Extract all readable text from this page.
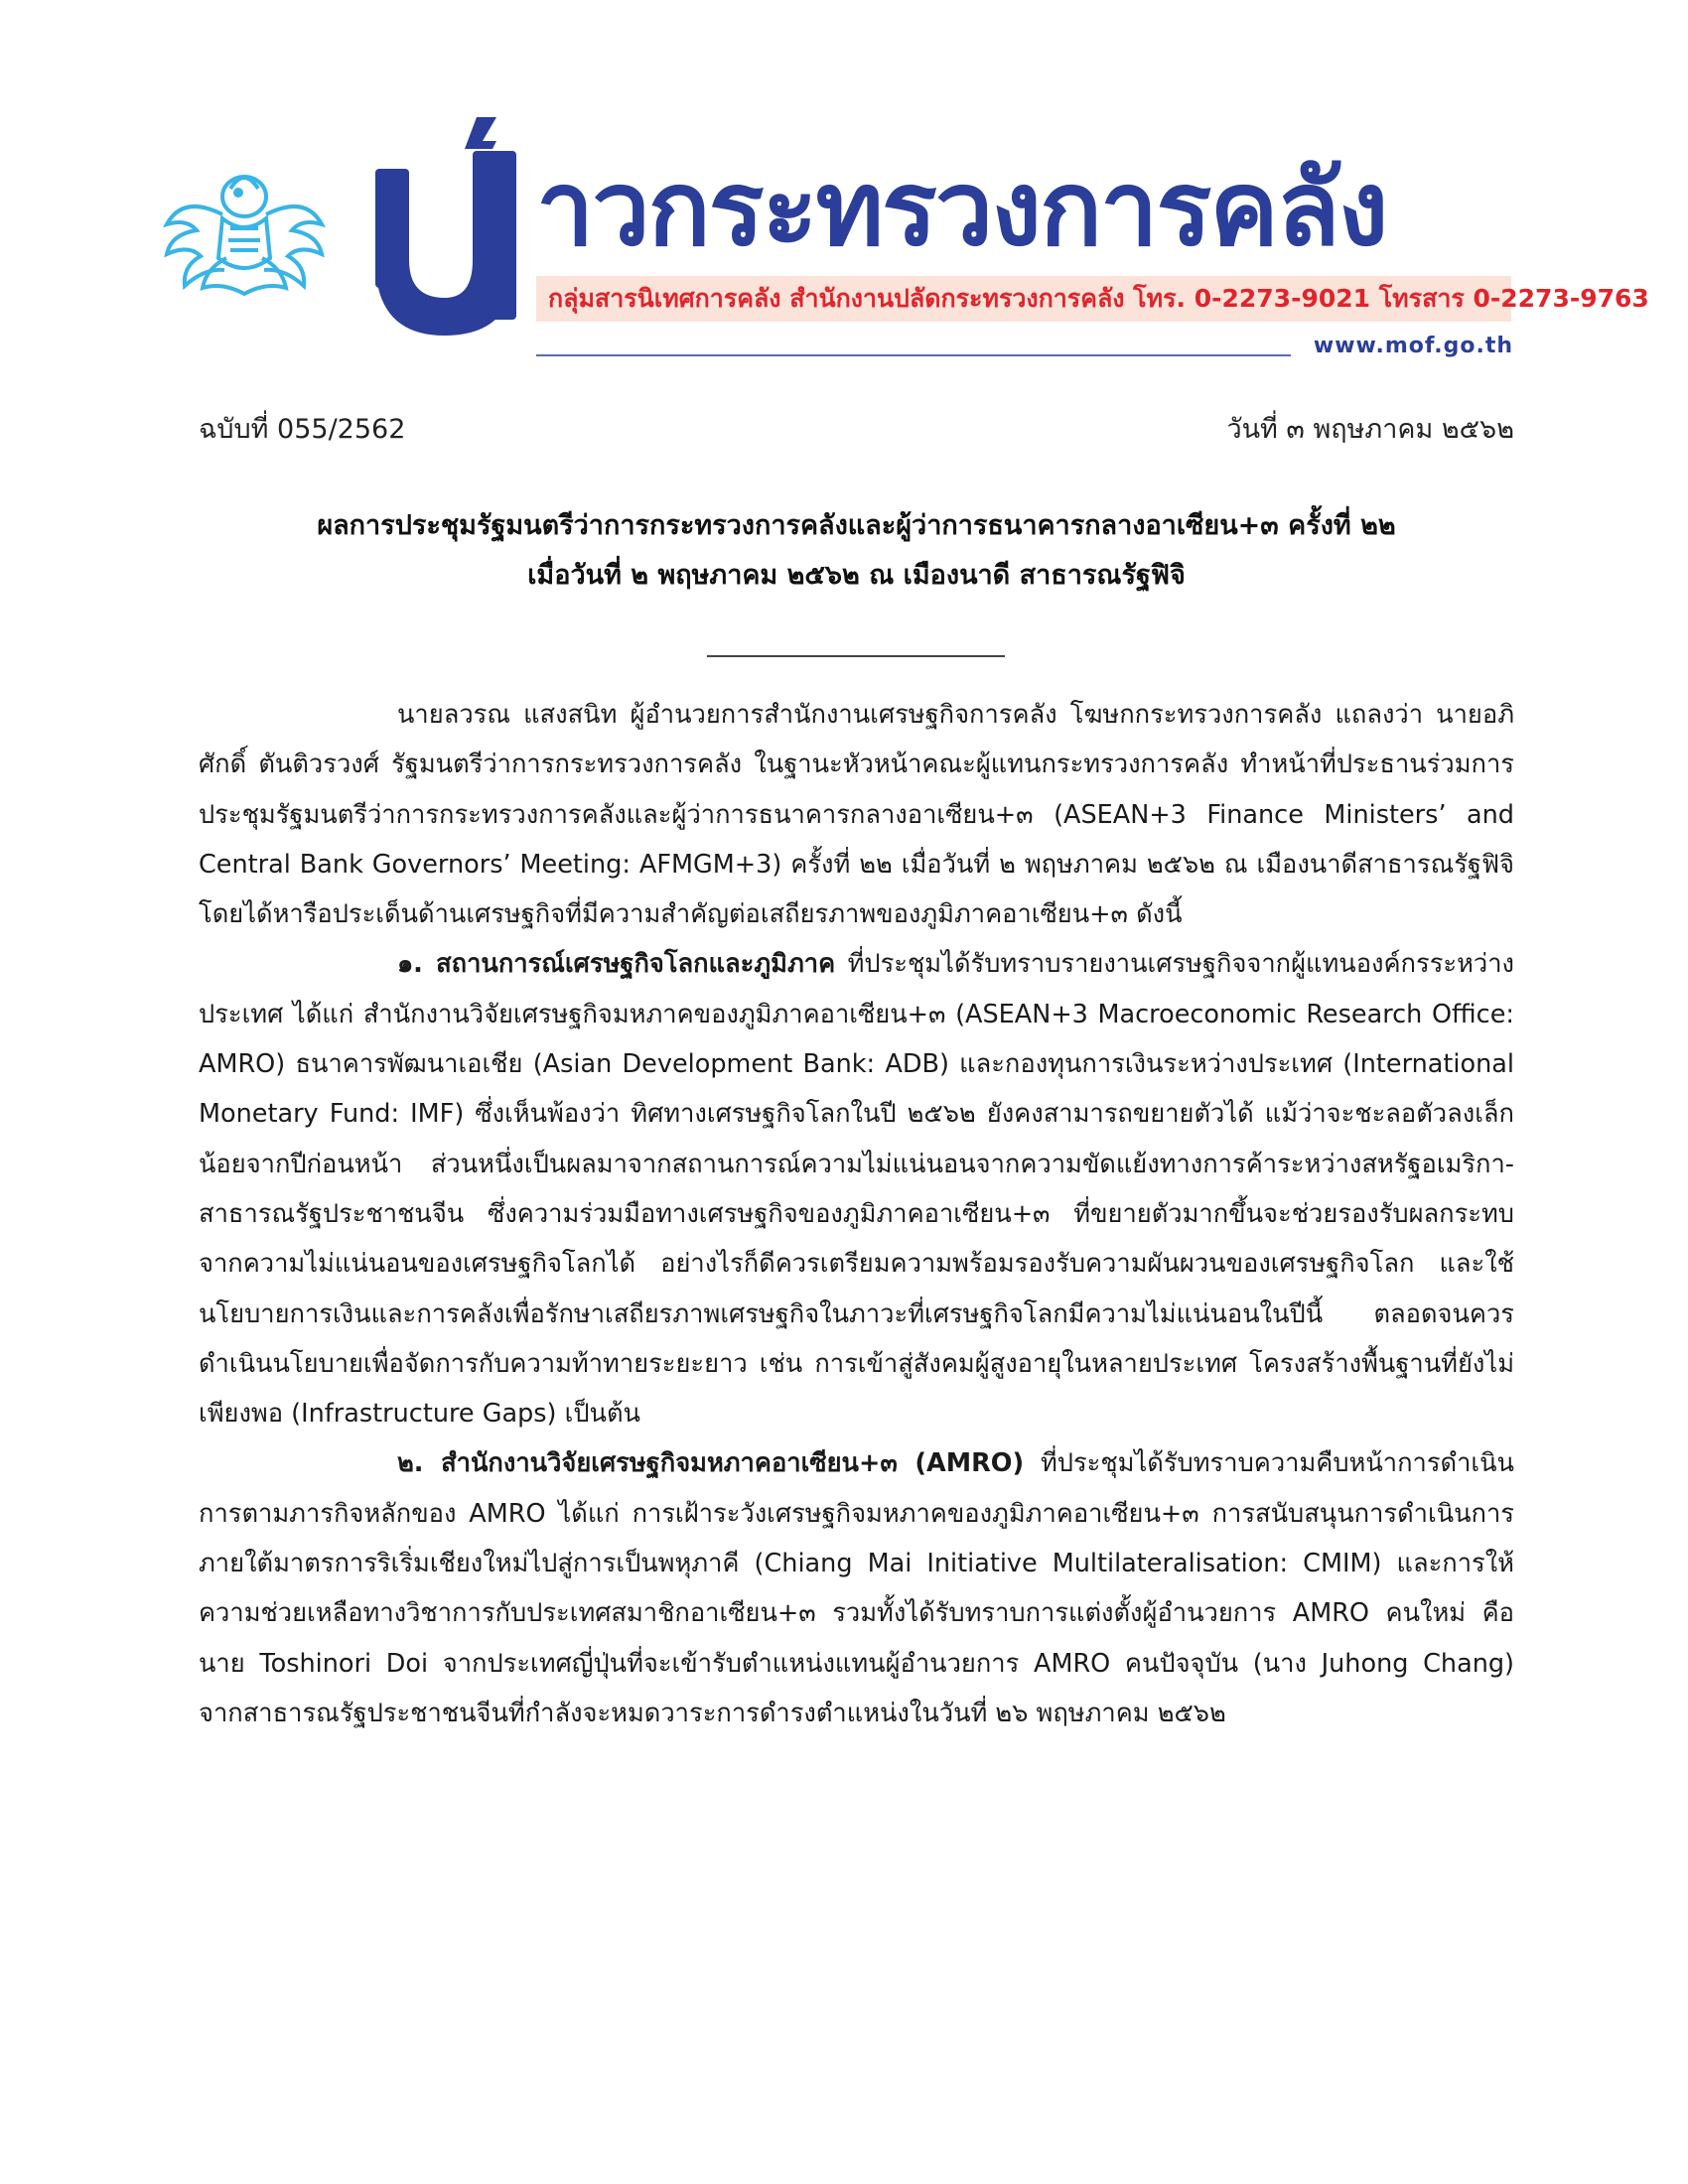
าวกระทรวงการคลัง
กลุ่มสารนิเทศการคลัง สำนักงานปลัดกระทรวงการคลัง โทร. 0-2273-9021 โทรสาร 0-2273-9763
www.mof.go.th
ฉบับที่ 055/2562	วันที่ ๓ พฤษภาคม ๒๕๖๒
ผลการประชุมรัฐมนตรีว่าการกระทรวงการคลังและผู้ว่าการธนาคารกลางอาเซียน+๓ ครั้งที่ ๒๒
เมื่อวันที่ ๒ พฤษภาคม ๒๕๖๒ ณ เมืองนาดี สาธารณรัฐฟิจิ

นายลวรณ แสงสนิท ผู้อำนวยการสำนักงานเศรษฐกิจการคลัง โฆษกกระทรวงการคลัง แถลงว่า นายอภิศักดิ์ ตันติวรวงศ์ รัฐมนตรีว่าการกระทรวงการคลัง ในฐานะหัวหน้าคณะผู้แทนกระทรวงการคลัง ทำหน้าที่ประธานร่วมการประชุมรัฐมนตรีว่าการกระทรวงการคลังและผู้ว่าการธนาคารกลางอาเซียน+๓ (ASEAN+3 Finance Ministers’ and Central Bank Governors’ Meeting: AFMGM+3) ครั้งที่ ๒๒ เมื่อวันที่ ๒ พฤษภาคม ๒๕๖๒ ณ เมืองนาดีสาธารณรัฐฟิจิ โดยได้หารือประเด็นด้านเศรษฐกิจที่มีความสำคัญต่อเสถียรภาพของภูมิภาคอาเซียน+๓ ดังนี้

๑. สถานการณ์เศรษฐกิจโลกและภูมิภาค ที่ประชุมได้รับทราบรายงานเศรษฐกิจจากผู้แทนองค์กรระหว่างประเทศ ได้แก่ สำนักงานวิจัยเศรษฐกิจมหภาคของภูมิภาคอาเซียน+๓ (ASEAN+3 Macroeconomic Research Office: AMRO) ธนาคารพัฒนาเอเชีย (Asian Development Bank: ADB) และกองทุนการเงินระหว่างประเทศ (International Monetary Fund: IMF) ซึ่งเห็นพ้องว่า ทิศทางเศรษฐกิจโลกในปี ๒๕๖๒ ยังคงสามารถขยายตัวได้ แม้ว่าจะชะลอตัวลงเล็กน้อยจากปีก่อนหน้า ส่วนหนึ่งเป็นผลมาจากสถานการณ์ความไม่แน่นอนจากความขัดแย้งทางการค้าระหว่างสหรัฐอเมริกา-สาธารณรัฐประชาชนจีน ซึ่งความร่วมมือทางเศรษฐกิจของภูมิภาคอาเซียน+๓ ที่ขยายตัวมากขึ้นจะช่วยรองรับผลกระทบจากความไม่แน่นอนของเศรษฐกิจโลกได้ อย่างไรก็ดีควรเตรียมความพร้อมรองรับความผันผวนของเศรษฐกิจโลก และใช้นโยบายการเงินและการคลังเพื่อรักษาเสถียรภาพเศรษฐกิจในภาวะที่เศรษฐกิจโลกมีความไม่แน่นอนในปีนี้ ตลอดจนควรดำเนินนโยบายเพื่อจัดการกับความท้าทายระยะยาว เช่น การเข้าสู่สังคมผู้สูงอายุในหลายประเทศ โครงสร้างพื้นฐานที่ยังไม่เพียงพอ (Infrastructure Gaps) เป็นต้น

๒. สำนักงานวิจัยเศรษฐกิจมหภาคอาเซียน+๓ (AMRO) ที่ประชุมได้รับทราบความคืบหน้าการดำเนินการตามภารกิจหลักของ AMRO ได้แก่ การเฝ้าระวังเศรษฐกิจมหภาคของภูมิภาคอาเซียน+๓ การสนับสนุนการดำเนินการภายใต้มาตรการริเริ่มเชียงใหม่ไปสู่การเป็นพหุภาคี (Chiang Mai Initiative Multilateralisation: CMIM) และการให้ความช่วยเหลือทางวิชาการกับประเทศสมาชิกอาเซียน+๓ รวมทั้งได้รับทราบการแต่งตั้งผู้อำนวยการ AMRO คนใหม่ คือ นาย Toshinori Doi จากประเทศญี่ปุ่นที่จะเข้ารับตำแหน่งแทนผู้อำนวยการ AMRO คนปัจจุบัน (นาง Juhong Chang) จากสาธารณรัฐประชาชนจีนที่กำลังจะหมดวาระการดำรงตำแหน่งในวันที่ ๒๖ พฤษภาคม ๒๕๖๒
